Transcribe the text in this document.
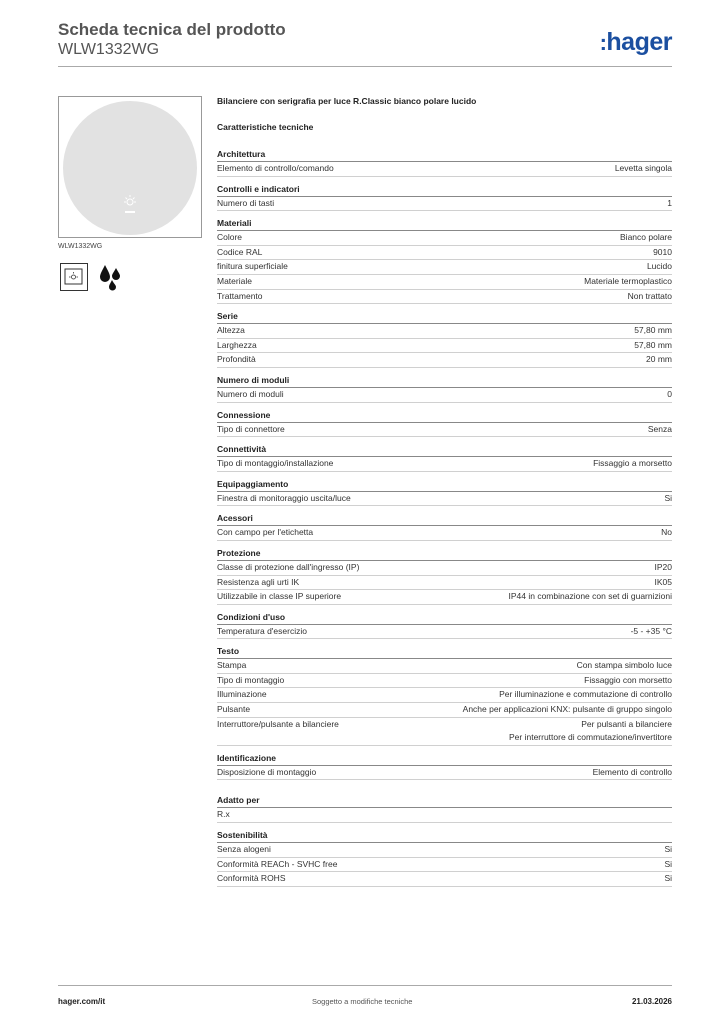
Scheda tecnica del prodotto
WLW1332WG	:hager
WLW1332WG
Bilanciere con serigrafia per luce R.Classic bianco polare lucido
Caratteristiche tecniche
Architettura
Elemento di controllo/comando	Levetta singola
Controlli e indicatori
Numero di tasti	1
Materiali
Colore	Bianco polare
Codice RAL	9010
finitura superficiale	Lucido
Materiale	Materiale termoplastico
Trattamento	Non trattato
Serie
Altezza	57,80 mm
Larghezza	57,80 mm
Profondità	20 mm
Numero di moduli
Numero di moduli	0
Connessione
Tipo di connettore	Senza
Connettività
Tipo di montaggio/installazione	Fissaggio a morsetto
Equipaggiamento
Finestra di monitoraggio uscita/luce	Si
Acessori
Con campo per l'etichetta	No
Protezione
Classe di protezione dall'ingresso (IP)	IP20
Resistenza agli urti IK	IK05
Utilizzabile in classe IP superiore	IP44 in combinazione con set di guarnizioni
Condizioni d'uso
Temperatura d'esercizio	-5 - +35 °C
Testo
Stampa	Con stampa simbolo luce
Tipo di montaggio	Fissaggio con morsetto
Illuminazione	Per illuminazione e commutazione di controllo
Pulsante	Anche per applicazioni KNX: pulsante di gruppo singolo
Interruttore/pulsante a bilanciere	Per pulsanti a bilanciere
Per interruttore di commutazione/invertitore
Identificazione
Disposizione di montaggio	Elemento di controllo
Adatto per
R.x
Sostenibilità
Senza alogeni	Si
Conformità REACh - SVHC free	Si
Conformità ROHS	Si
hager.com/it	Soggetto a modifiche tecniche	21.03.2026
